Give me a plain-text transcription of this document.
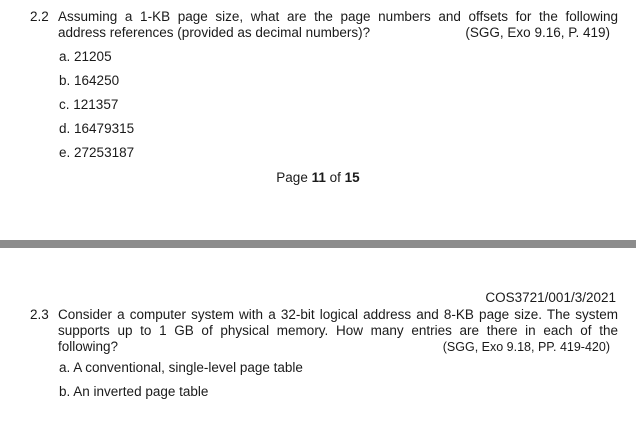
2.2 Assuming a 1-KB page size, what are the page numbers and offsets for the following
address references (provided as decimal numbers)?	(SGG, Exo 9.16, P. 419)
a. 21205
b. 164250
c. 121357
d. 16479315
e. 27253187
Page 11 of 15
COS3721/001/3/2021
2.3 Consider a computer system with a 32-bit logical address and 8-KB page size. The system
supports up to 1 GB of physical memory. How many entries are there in each of the
following?	(SGG, Exo 9.18, PP. 419-420)
a. A conventional, single-level page table
b. An inverted page table
